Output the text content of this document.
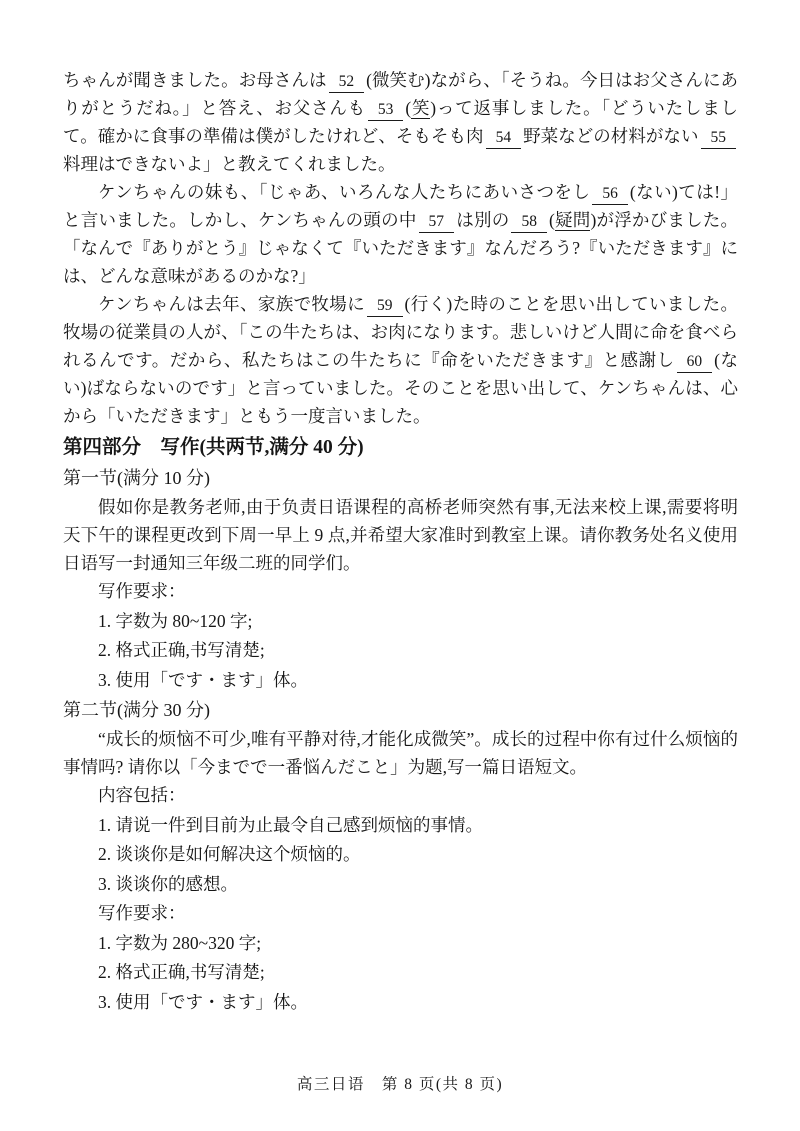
ちゃんが聞きました。お母さんは 52 (微笑む)ながら、「そうね。今日はお父さんにありがとうだね。」と答え、お父さんも 53 (笑)って返事しました。「どういたしまして。確かに食事の準備は僕がしたけれど、そもそも肉 54 野菜などの材料がない 55料理はできないよ」と教えてくれました。

ケンちゃんの妹も、「じゃあ、いろんな人たちにあいさつをし 56 (ない)ては!」と言いました。しかし、ケンちゃんの頭の中 57 は別の 58 (疑問)が浮かびました。「なんで『ありがとう』じゃなくて『いただきます』なんだろう?『いただきます』には、どんな意味があるのかな?」

ケンちゃんは去年、家族で牧場に 59 (行く)た時のことを思い出していました。牧場の従業員の人が、「この牛たちは、お肉になります。悲しいけど人間に命を食べられるんです。だから、私たちはこの牛たちに『命をいただきます』と感謝し 60 (ない)ばならないのです」と言っていました。そのことを思い出して、ケンちゃんは、心から「いただきます」ともう一度言いました。

第四部分　写作(共两节,满分 40 分)
第一节(满分 10 分)

假如你是教务老师,由于负责日语课程的高桥老师突然有事,无法来校上课,需要将明天下午的课程更改到下周一早上 9 点,并希望大家准时到教室上课。请你教务处名义使用日语写一封通知三年级二班的同学们。

写作要求：
1. 字数为 80~120 字;
2. 格式正确,书写清楚;
3. 使用「です・ます」体。
第二节(满分 30 分)

“成长的烦恼不可少,唯有平静对待,才能化成微笑”。成长的过程中你有过什么烦恼的事情吗? 请你以「今までで一番悩んだこと」为题,写一篇日语短文。

内容包括：
1. 请说一件到目前为止最令自己感到烦恼的事情。
2. 谈谈你是如何解决这个烦恼的。
3. 谈谈你的感想。
写作要求：
1. 字数为 280~320 字;
2. 格式正确,书写清楚;
3. 使用「です・ます」体。
高三日语　第 8 页(共 8 页)
